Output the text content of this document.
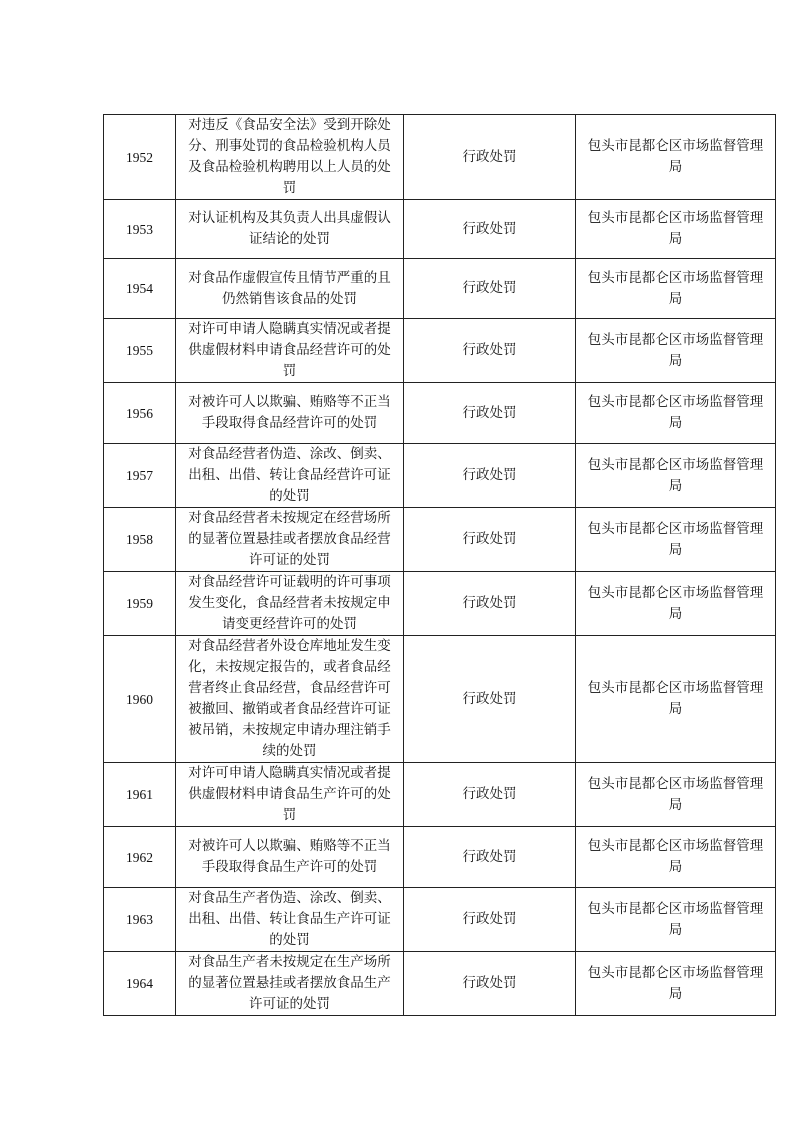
1952	对违反《食品安全法》受到开除处分、刑事处罚的食品检验机构人员及食品检验机构聘用以上人员的处罚	行政处罚	包头市昆都仑区市场监督管理局
1953	对认证机构及其负责人出具虚假认证结论的处罚	行政处罚	包头市昆都仑区市场监督管理局
1954	对食品作虚假宣传且情节严重的且仍然销售该食品的处罚	行政处罚	包头市昆都仑区市场监督管理局
1955	对许可申请人隐瞒真实情况或者提供虚假材料申请食品经营许可的处罚	行政处罚	包头市昆都仑区市场监督管理局
1956	对被许可人以欺骗、贿赂等不正当手段取得食品经营许可的处罚	行政处罚	包头市昆都仑区市场监督管理局
1957	对食品经营者伪造、涂改、倒卖、出租、出借、转让食品经营许可证的处罚	行政处罚	包头市昆都仑区市场监督管理局
1958	对食品经营者未按规定在经营场所的显著位置悬挂或者摆放食品经营许可证的处罚	行政处罚	包头市昆都仑区市场监督管理局
1959	对食品经营许可证载明的许可事项发生变化，食品经营者未按规定申请变更经营许可的处罚	行政处罚	包头市昆都仑区市场监督管理局
1960	对食品经营者外设仓库地址发生变化，未按规定报告的，或者食品经营者终止食品经营，食品经营许可被撤回、撤销或者食品经营许可证被吊销，未按规定申请办理注销手续的处罚	行政处罚	包头市昆都仑区市场监督管理局
1961	对许可申请人隐瞒真实情况或者提供虚假材料申请食品生产许可的处罚	行政处罚	包头市昆都仑区市场监督管理局
1962	对被许可人以欺骗、贿赂等不正当手段取得食品生产许可的处罚	行政处罚	包头市昆都仑区市场监督管理局
1963	对食品生产者伪造、涂改、倒卖、出租、出借、转让食品生产许可证的处罚	行政处罚	包头市昆都仑区市场监督管理局
1964	对食品生产者未按规定在生产场所的显著位置悬挂或者摆放食品生产许可证的处罚	行政处罚	包头市昆都仑区市场监督管理局
